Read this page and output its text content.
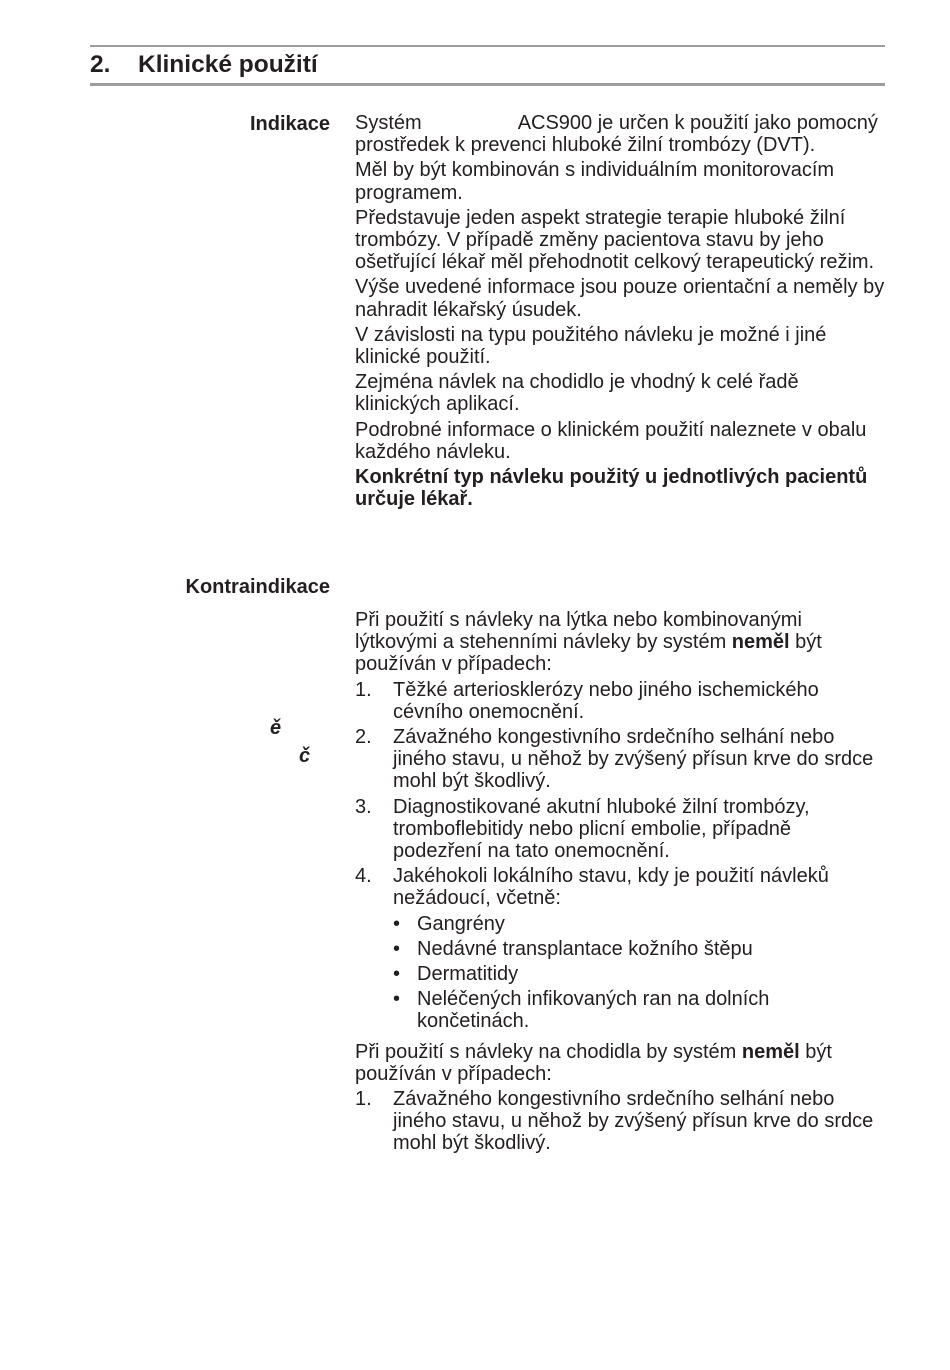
2. Klinické použití
Indikace Systém	ACS900 je určen k použití jako pomocný prostředek k prevenci hluboké žilní trombózy (DVT).

Měl by být kombinován s individuálním monitorovacím programem.

Představuje jeden aspekt strategie terapie hluboké žilní trombózy. V případě změny pacientova stavu by jeho ošetřující lékař měl přehodnotit celkový terapeutický režim.

Výše uvedené informace jsou pouze orientační a neměly by nahradit lékařský úsudek.

V závislosti na typu použitého návleku je možné i jiné klinické použití.

Zejména návlek na chodidlo je vhodný k celé řadě klinických aplikací.

Podrobné informace o klinickém použití naleznete v obalu každého návleku.

Konkrétní typ návleku použitý u jednotlivých pacientů určuje lékař.

Kontraindikace
ě
č

Při použití s návleky na lýtka nebo kombinovanými lýtkovými a stehenními návleky by systém neměl být používán v případech:

1. Těžké arteriosklerózy nebo jiného ischemického cévního onemocnění.
2. Závažného kongestivního srdečního selhání nebo jiného stavu, u něhož by zvýšený přísun krve do srdce mohl být škodlivý.
3. Diagnostikované akutní hluboké žilní trombózy, tromboflebitidy nebo plicní embolie, případně podezření na tato onemocnění.
4. Jakéhokoli lokálního stavu, kdy je použití návleků nežádoucí, včetně:
• Gangrény
• Nedávné transplantace kožního štěpu
• Dermatitidy
• Neléčených infikovaných ran na dolních končetinách.

Při použití s návleky na chodidla by systém neměl být používán v případech:

1. Závažného kongestivního srdečního selhání nebo jiného stavu, u něhož by zvýšený přísun krve do srdce mohl být škodlivý.
